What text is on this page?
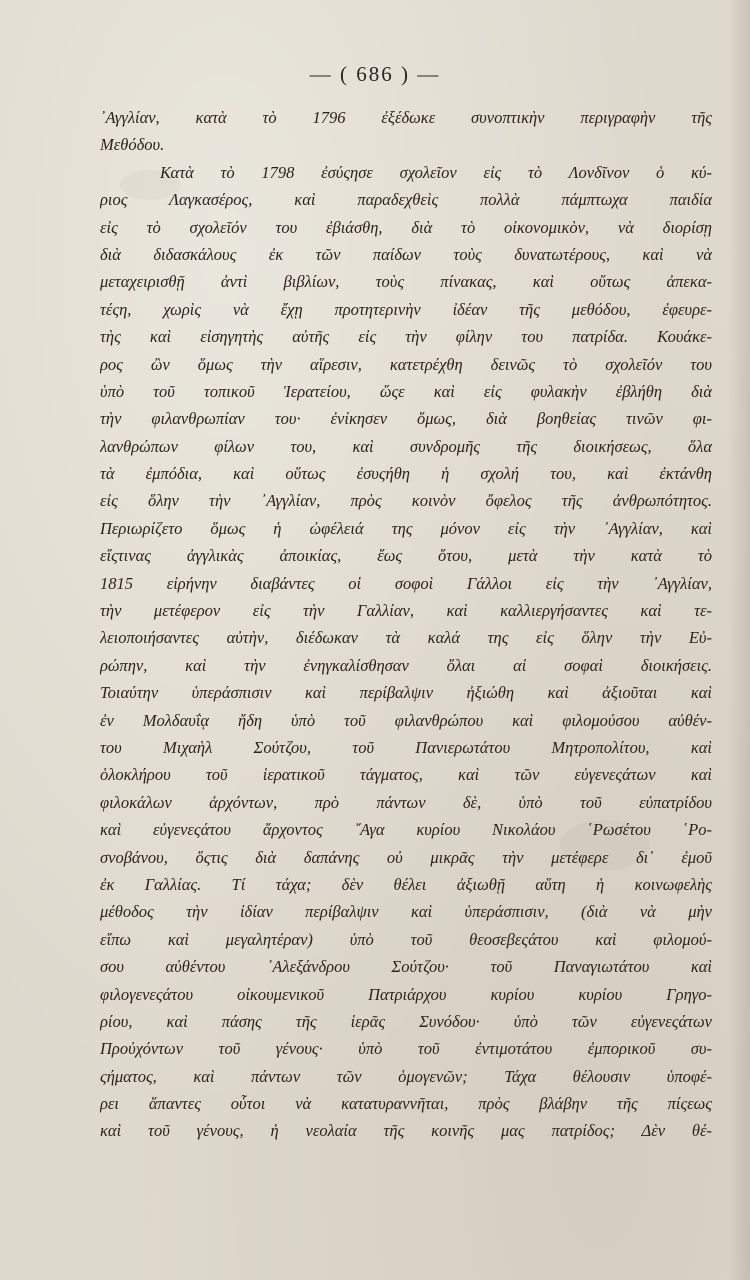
— ( 686 ) —
᾿Αγγλίαν, κατὰ τὸ 1796 ἐξέδωκε συνοπτικὴν περιγραφὴν τῆς
Μεθόδου.
Κατὰ τὸ 1798 ἐσύςησε σχολεῖον εἰς τὸ Λονδῖνον ὁ κύ-
ριος Λαγκασέρος, καὶ παραδεχθεὶς πολλὰ πάμπτωχα παιδία
εἰς τὸ σχολεῖόν του ἐβιάσθη, διὰ τὸ οἰκονομικὸν, νὰ διορίσῃ
διὰ διδασκάλους ἐκ τῶν παίδων τοὺς δυνατωτέρους, καὶ νὰ
μεταχειρισθῇ ἀντὶ βιβλίων, τοὺς πίνακας, καὶ οὕτως ἀπεκα-
τέςη, χωρὶς νὰ ἔχῃ προτητερινὴν ἰδέαν τῆς μεθόδου, ἐφευρε-
τὴς καὶ εἰσηγητὴς αὐτῆς εἰς τὴν φίλην του πατρίδα. Κουάκε-
ρος ὢν ὅμως τὴν αἵρεσιν, κατετρέχθη δεινῶς τὸ σχολεῖόν του
ὑπὸ τοῦ τοπικοῦ Ἱερατείου, ὥςε καὶ εἰς φυλακὴν ἐβλήθη διὰ
τὴν φιλανθρωπίαν του· ἐνίκησεν ὅμως, διὰ βοηθείας τινῶν φι-
λανθρώπων φίλων του, καὶ συνδρομῆς τῆς διοικήσεως, ὅλα
τὰ ἐμπόδια, καὶ οὕτως ἐσυςήθη ἡ σχολή του, καὶ ἐκτάνθη
εἰς ὅλην τὴν ᾿Αγγλίαν, πρὸς κοινὸν ὄφελος τῆς ἀνθρωπότητος.
Περιωρίζετο ὅμως ἡ ὠφέλειά της μόνον εἰς τὴν ᾿Αγγλίαν, καὶ
εἴςτινας ἀγγλικὰς ἀποικίας, ἕως ὅτου, μετὰ τὴν κατὰ τὸ
1815 εἰρήνην διαβάντες οἱ σοφοὶ Γάλλοι εἰς τὴν ᾿Αγγλίαν,
τὴν μετέφερον εἰς τὴν Γαλλίαν, καὶ καλλιεργήσαντες καὶ τε-
λειοποιήσαντες αὐτὴν, διέδωκαν τὰ καλά της εἰς ὅλην τὴν Εὐ-
ρώπην, καὶ τὴν ἐνηγκαλίσθησαν ὅλαι αἱ σοφαὶ διοικήσεις.
Τοιαύτην ὑπεράσπισιν καὶ περίβαλψιν ἠξιώθη καὶ ἀξιοῦται καὶ
ἐν Μολδαυΐᾳ ἤδη ὑπὸ τοῦ φιλανθρώπου καὶ φιλομούσου αὐθέν-
του Μιχαὴλ Σούτζου, τοῦ Πανιερωτάτου Μητροπολίτου, καὶ
ὁλοκλήρου τοῦ ἱερατικοῦ τάγματος, καὶ τῶν εὐγενεςάτων καὶ
φιλοκάλων ἀρχόντων, πρὸ πάντων δὲ, ὑπὸ τοῦ εὐπατρίδου
καὶ εὐγενεςάτου ἄρχοντος ῎Αγα κυρίου Νικολάου ῾Ρωσέτου ῾Ρο-
σνοβάνου, ὅςτις διὰ δαπάνης οὐ μικρᾶς τὴν μετέφερε δι᾿ ἐμοῦ
ἐκ Γαλλίας. Τί τάχα; δὲν θέλει ἀξιωθῇ αὕτη ἡ κοινωφελὴς
μέθοδος τὴν ἰδίαν περίβαλψιν καὶ ὑπεράσπισιν, (διὰ νὰ μὴν
εἴπω καὶ μεγαλητέραν) ὑπὸ τοῦ θεοσεβεςάτου καὶ φιλομού-
σου αὐθέντου ᾿Αλεξάνδρου Σούτζου· τοῦ Παναγιωτάτου καὶ
φιλογενεςάτου οἰκουμενικοῦ Πατριάρχου κυρίου κυρίου Γρηγο-
ρίου, καὶ πάσης τῆς ἱερᾶς Συνόδου· ὑπὸ τῶν εὐγενεςάτων
Προὐχόντων τοῦ γένους· ὑπὸ τοῦ ἐντιμοτάτου ἐμπορικοῦ συ-
ςήματος, καὶ πάντων τῶν ὁμογενῶν; Τάχα θέλουσιν ὑποφέ-
ρει ἅπαντες οὗτοι νὰ κατατυραννῆται, πρὸς βλάβην τῆς πίςεως
καὶ τοῦ γένους, ἡ νεολαία τῆς κοινῆς μας πατρίδος; Δὲν θέ-
